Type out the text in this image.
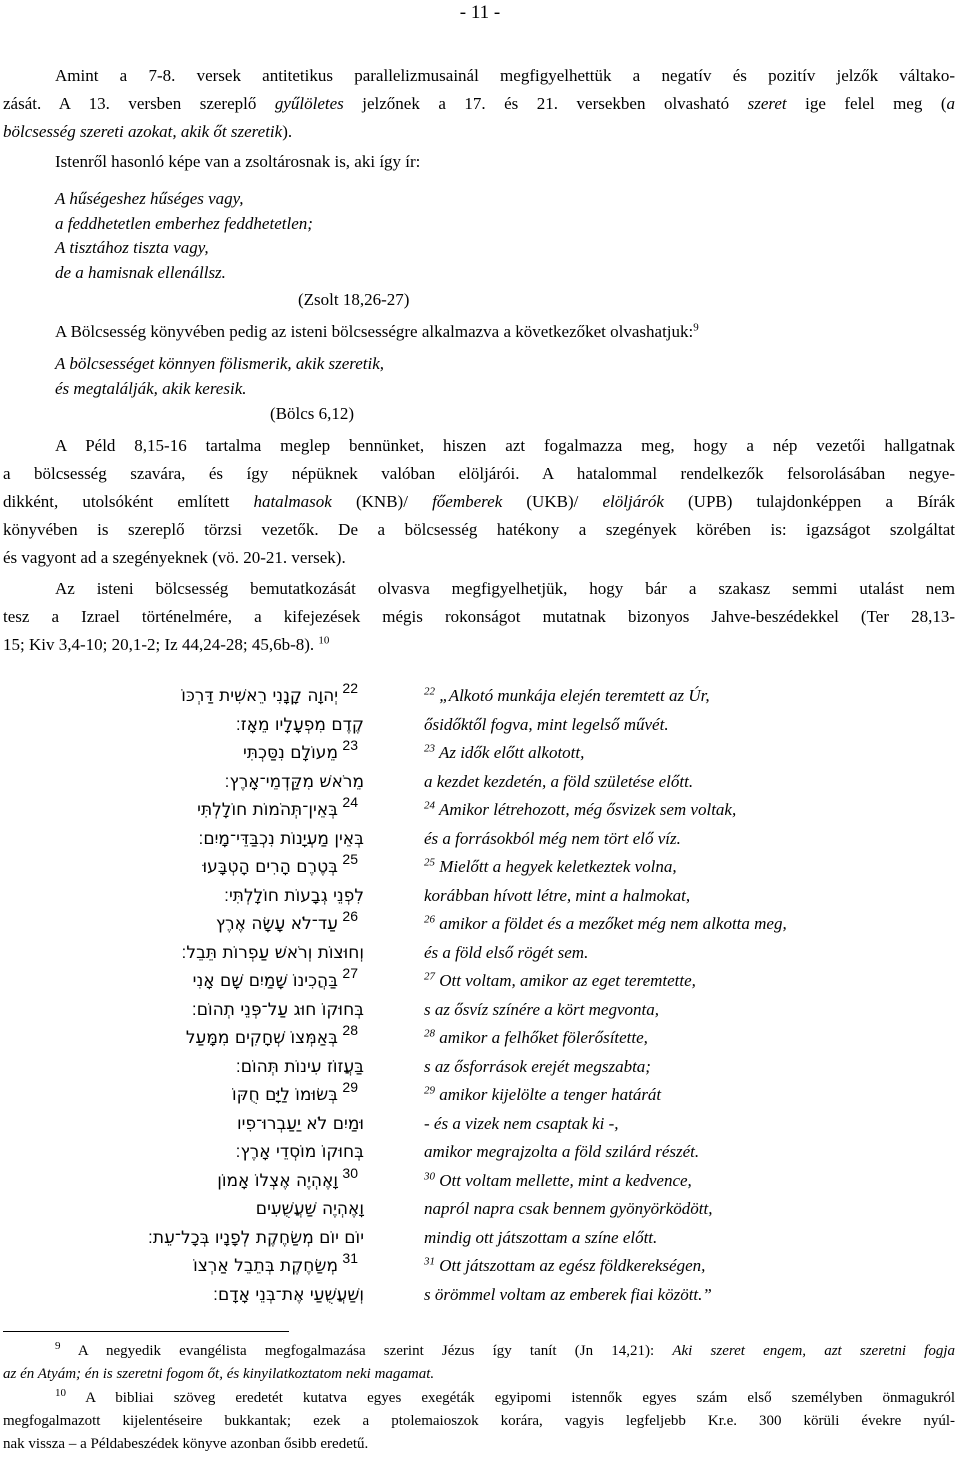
- 11 -
Amint a 7-8. versek antitetikus parallelizmusainál megfigyelhettük a negatív és pozitív jelzők váltako-
zását. A 13. versben szereplő gyűlöletes jelzőnek a 17. és 21. versekben olvasható szeret ige felel meg (a
bölcsesség szereti azokat, akik őt szeretik).
Istenről hasonló képe van a zsoltárosnak is, aki így ír:
A hűségeshez hűséges vagy,
a feddhetetlen emberhez feddhetetlen;
A tisztához tiszta vagy,
de a hamisnak ellenállsz.
(Zsolt 18,26-27)
A Bölcsesség könyvében pedig az isteni bölcsességre alkalmazva a következőket olvashatjuk:$^9$
A bölcsességet könnyen fölismerik, akik szeretik,
és megtalálják, akik keresik.
(Bölcs 6,12)
A Péld 8,15-16 tartalma meglep bennünket, hiszen azt fogalmazza meg, hogy a nép vezetői hallgatnak
a bölcsesség szavára, és így népüknek valóban elöljárói. A hatalommal rendelkezők felsorolásában negye-
dikként, utolsóként említett hatalmasok (KNB)/ főemberek (UKB)/ elöljárók (UPB) tulajdonképpen a Bírák
könyvében is szereplő törzsi vezetők. De a bölcsesség hatékony a szegények körében is: igazságot szolgáltat
és vagyont ad a szegényeknek (vö. 20-21. versek).
Az isteni bölcsesség bemutatkozását olvasva megfigyelhetjük, hogy bár a szakasz semmi utalást nem
tesz a Izrael történelmére, a kifejezések mégis rokonságot mutatnak bizonyos Jahve-beszédekkel (Ter 28,13-
15; Kiv 3,4-10; 20,1-2; Iz 44,24-28; 45,6b-8). $^{10}$
יְהוָה קָנָנִי רֵאשִׁית דַּרְכּוֹ 22
קֶדֶם מִפְעָלָיו מֵאָז׃
מֵעוֹלָם נִסַּכְתִּי 23
מֵרֹאשׁ מִקַּדְמֵי־אָרֶץ׃
בְּאֵין־תְּהֹמוֹת חוֹלָלְתִּי 24
בְּאֵין מַעְיָנוֹת נִכְבַּדֵּי־מָיִם׃
בְּטֶרֶם הָרִים הָטְבָּעוּ 25
לִפְנֵי גְבָעוֹת חוֹלָלְתִּי׃
עַד־לֹא עָשָׂה אֶרֶץ 26
וְחוּצוֹת וְרֹאשׁ עַפְרוֹת תֵּבֵל׃
בַּהֲכִינוֹ שָׁמַיִם שָׁם אָנִי 27
בְּחוּקוֹ חוּג עַל־פְּנֵי תְהוֹם׃
בְּאַמְּצוֹ שְׁחָקִים מִמָּעַל 28
בַּעֲזוֹז עִינוֹת תְּהוֹם׃
בְּשׂוּמוֹ לַיָּם חֻקּוֹ 29
וּמַיִם לֹא יַעַבְרוּ־פִיו
בְּחוּקוֹ מוֹסְדֵי אָרֶץ׃
וָאֶהְיֶה אֶצְלוֹ אָמוֹן 30
וָאֶהְיֶה שַׁעֲשֻׁעִים
יוֹם יוֹם מְשַׂחֶקֶת לְפָנָיו בְּכָל־עֵת׃
מְשַׂחֶקֶת בְּתֵבֵל אַרְצוֹ 31
וְשַׁעֲשֻׁעַי אֶת־בְּנֵי אָדָם׃
$^{22}$ „Alkotó munkája elején teremtett az Úr,
ősidőktől fogva, mint legelső művét.
$^{23}$ Az idők előtt alkotott,
a kezdet kezdetén, a föld születése előtt.
$^{24}$ Amikor létrehozott, még ősvizek sem voltak,
és a forrásokból még nem tört elő víz.
$^{25}$ Mielőtt a hegyek keletkeztek volna,
korábban hívott létre, mint a halmokat,
$^{26}$ amikor a földet és a mezőket még nem alkotta meg,
és a föld első rögét sem.
$^{27}$ Ott voltam, amikor az eget teremtette,
s az ősvíz színére a kört megvonta,
$^{28}$ amikor a felhőket fölerősítette,
s az ősforrások erejét megszabta;
$^{29}$ amikor kijelölte a tenger határát
- és a vizek nem csaptak ki -,
amikor megrajzolta a föld szilárd részét.
$^{30}$ Ott voltam mellette, mint a kedvence,
napról napra csak bennem gyönyörködött,
mindig ott játszottam a színe előtt.
$^{31}$ Ott játszottam az egész földkerekségen,
s örömmel voltam az emberek fiai között.”
$^9$ A negyedik evangélista megfogalmazása szerint Jézus így tanít (Jn 14,21): Aki szeret engem, azt szeretni fogja
az én Atyám; én is szeretni fogom őt, és kinyilatkoztatom neki magamat.
$^{10}$ A bibliai szöveg eredetét kutatva egyes exegéták egyipomi istennők egyes szám első személyben önmagukról
megfogalmazott kijelentéseire bukkantak; ezek a ptolemaioszok korára, vagyis legfeljebb Kr.e. 300 körüli évekre nyúl-
nak vissza – a Példabeszédek könyve azonban ősibb eredetű.
